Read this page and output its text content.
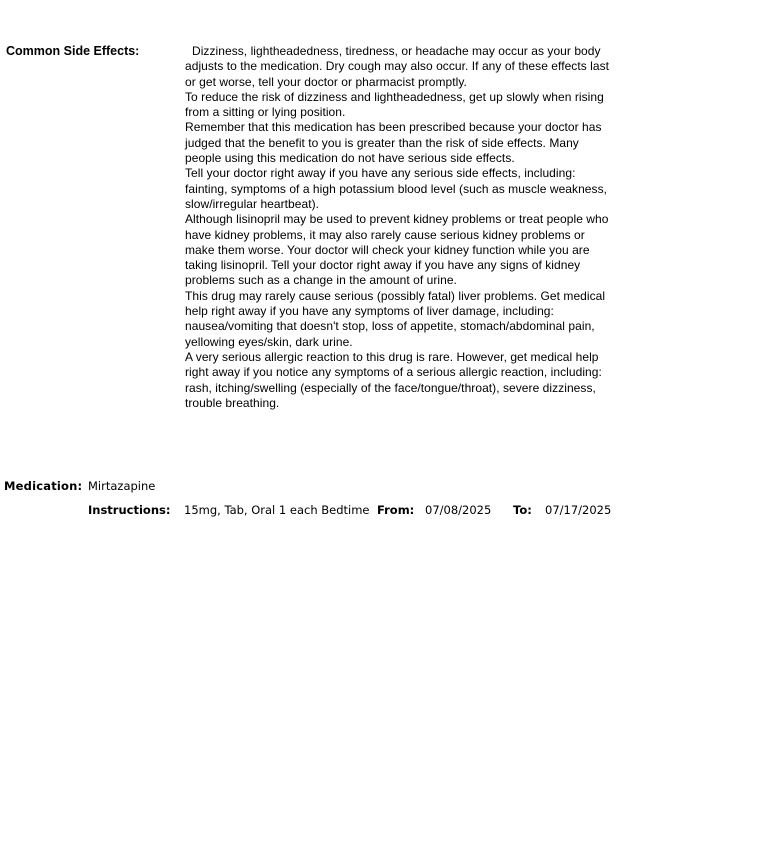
Common Side Effects:	Dizziness, lightheadedness, tiredness, or headache may occur as your body adjusts to the medication. Dry cough may also occur. If any of these effects last or get worse, tell your doctor or pharmacist promptly.

To reduce the risk of dizziness and lightheadedness, get up slowly when rising from a sitting or lying position.

Remember that this medication has been prescribed because your doctor has judged that the benefit to you is greater than the risk of side effects. Many people using this medication do not have serious side effects.

Tell your doctor right away if you have any serious side effects, including: fainting, symptoms of a high potassium blood level (such as muscle weakness, slow/irregular heartbeat).

Although lisinopril may be used to prevent kidney problems or treat people who have kidney problems, it may also rarely cause serious kidney problems or make them worse. Your doctor will check your kidney function while you are taking lisinopril. Tell your doctor right away if you have any signs of kidney problems such as a change in the amount of urine.

This drug may rarely cause serious (possibly fatal) liver problems. Get medical help right away if you have any symptoms of liver damage, including: nausea/vomiting that doesn't stop, loss of appetite, stomach/abdominal pain, yellowing eyes/skin, dark urine.

A very serious allergic reaction to this drug is rare. However, get medical help right away if you notice any symptoms of a serious allergic reaction, including: rash, itching/swelling (especially of the face/tongue/throat), severe dizziness, trouble breathing.

Medication: Mirtazapine
Instructions: 15mg, Tab, Oral 1 each Bedtime From: 07/08/2025 To: 07/17/2025
